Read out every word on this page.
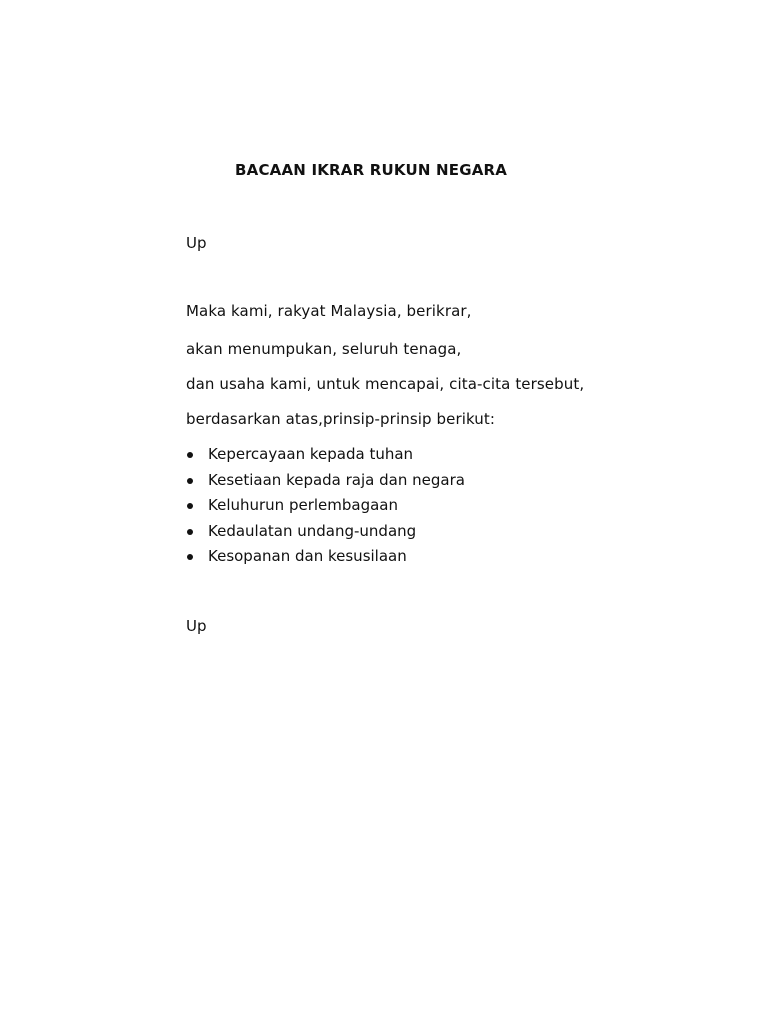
BACAAN IKRAR RUKUN NEGARA
Up
Maka kami, rakyat Malaysia, berikrar,
akan menumpukan, seluruh tenaga,
dan usaha kami, untuk mencapai, cita-cita tersebut,
berdasarkan atas,prinsip-prinsip berikut:
Kepercayaan kepada tuhan
Kesetiaan kepada raja dan negara
Keluhurun perlembagaan
Kedaulatan undang-undang
Kesopanan dan kesusilaan
Up
